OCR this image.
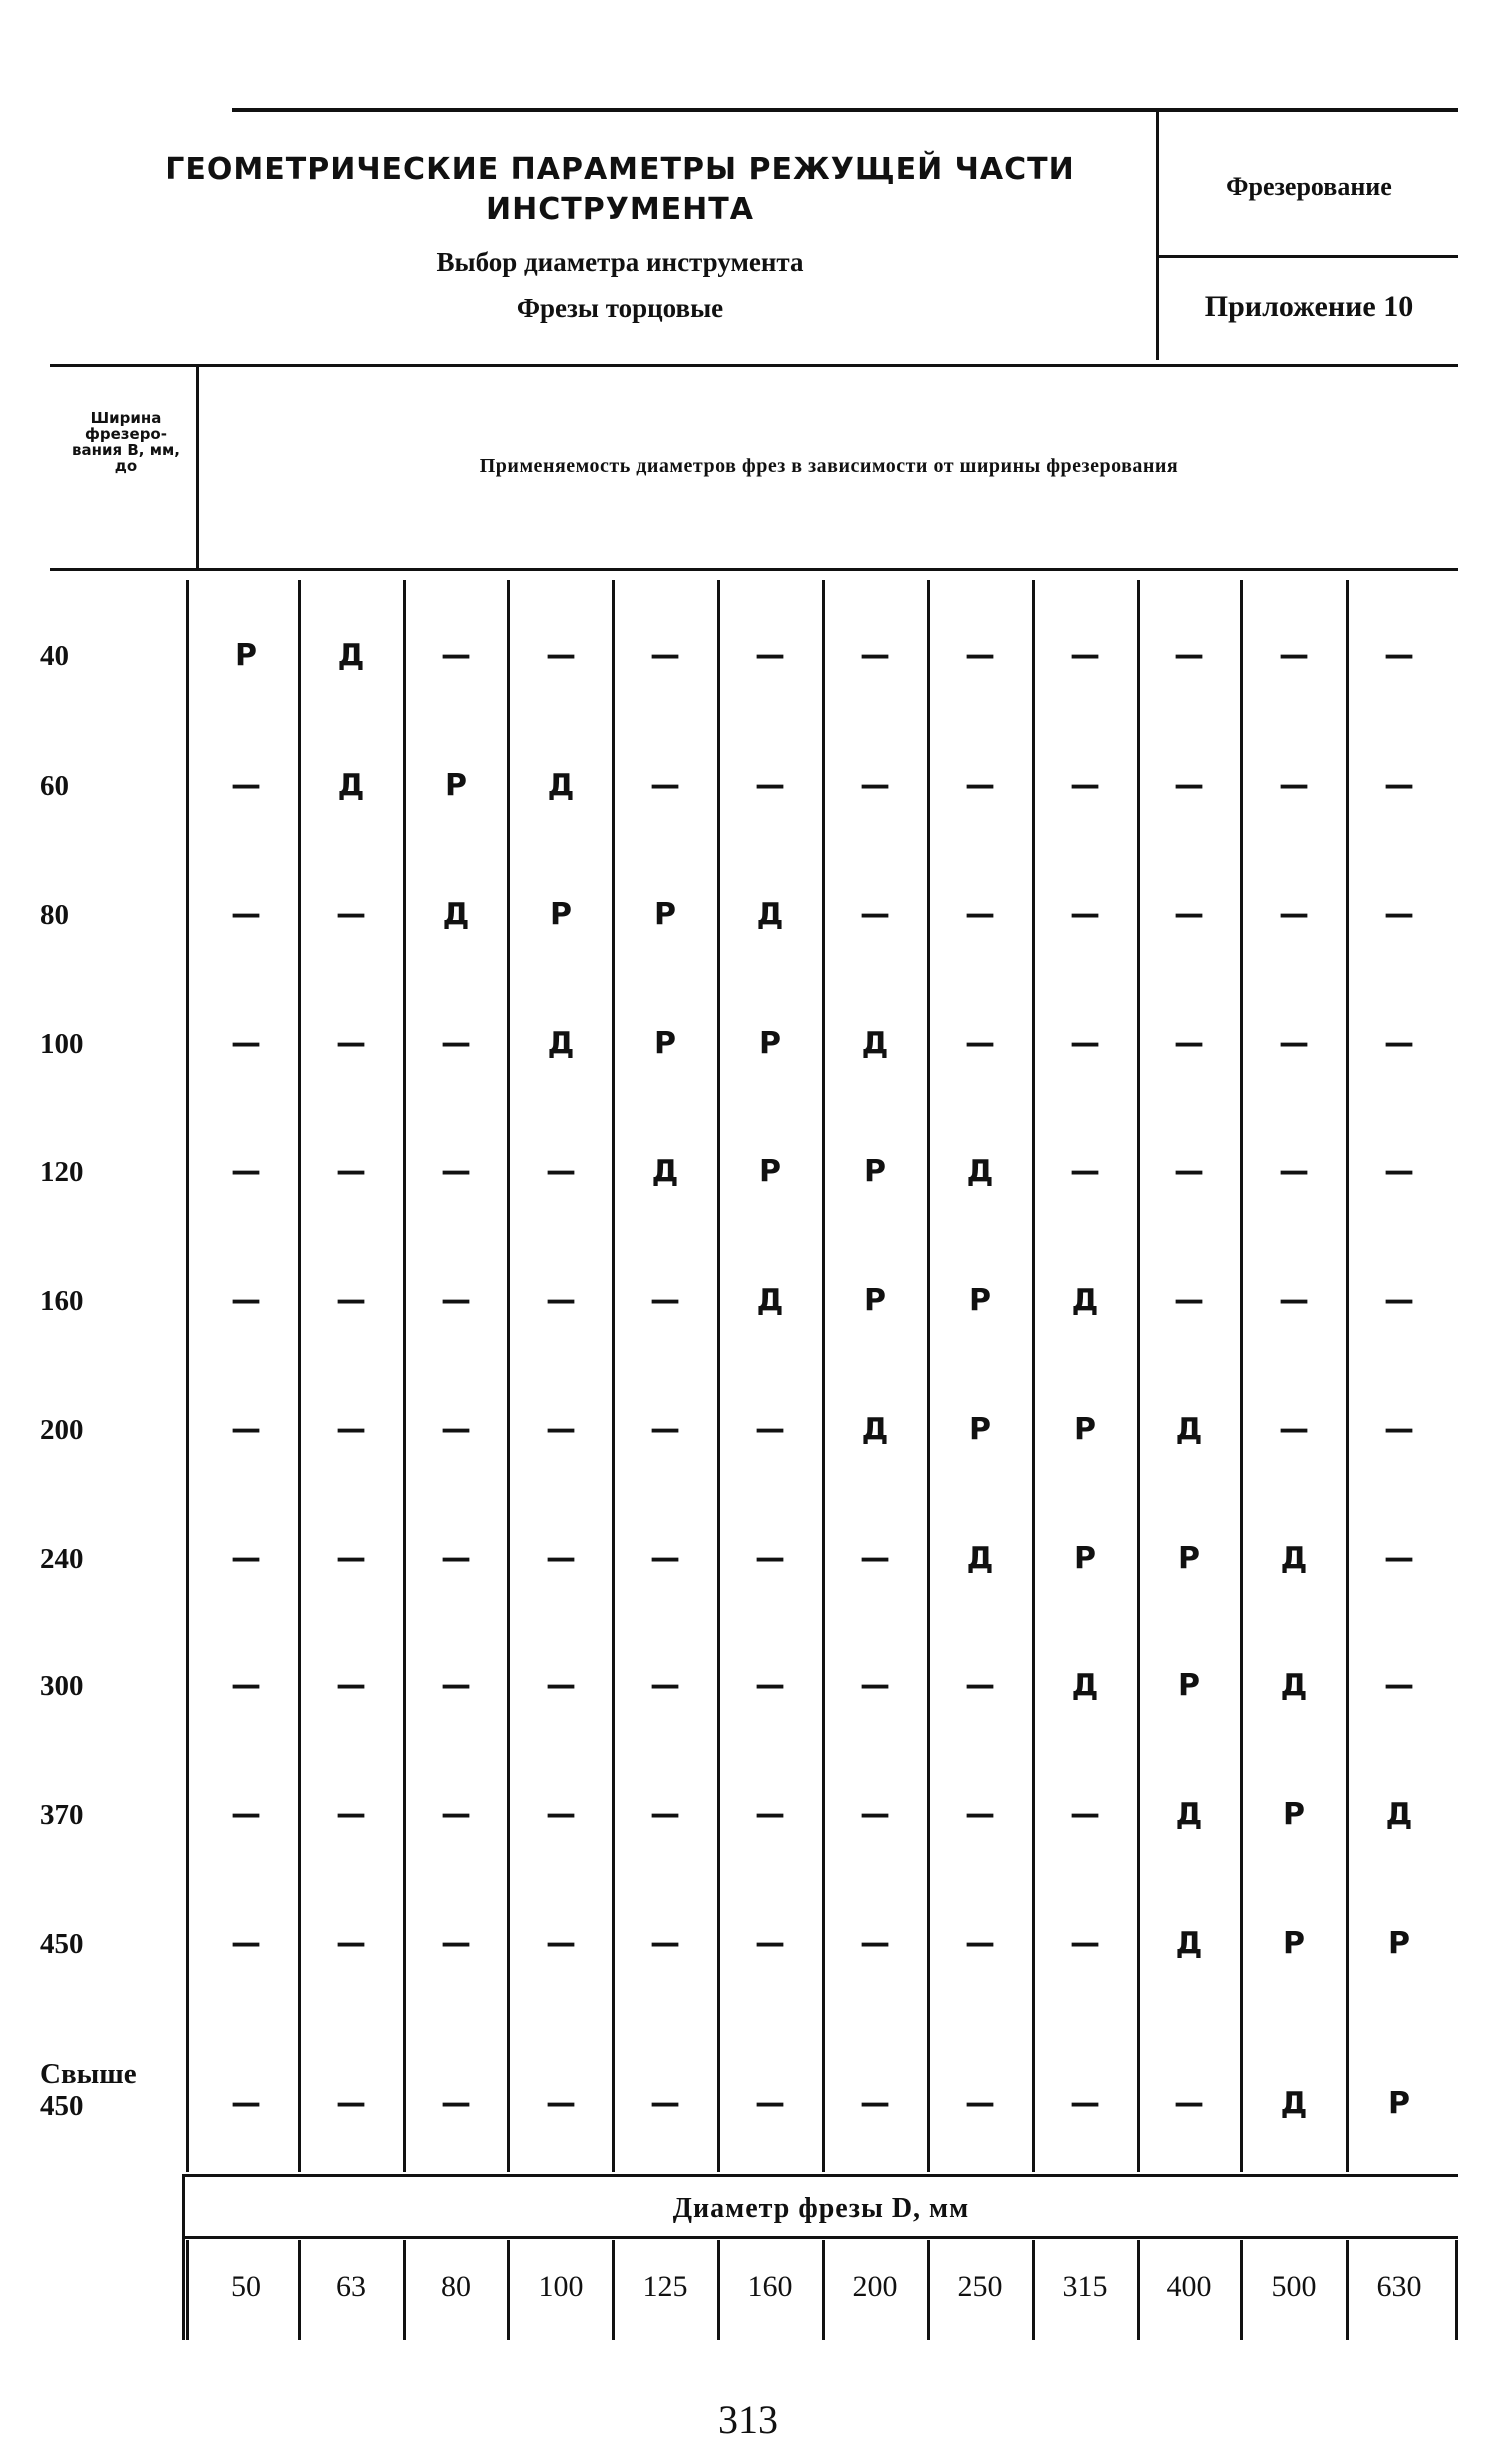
ГЕОМЕТРИЧЕСКИЕ ПАРАМЕТРЫ РЕЖУЩЕЙ ЧАСТИ ИНСТРУМЕНТА
Выбор диаметра инструмента
Фрезы торцовые
Фрезерование
Приложение 10
Ширина фрезеро-вания B, мм, до	Применяемость диаметров фрез в зависимости от ширины фрезерования
Диаметр фрезы D, мм
40	Р	Д	—	—	—	—	—	—	—	—	—	—
60	—	Д	Р	Д	—	—	—	—	—	—	—	—
80	—	—	Д	Р	Р	Д	—	—	—	—	—	—
100	—	—	—	Д	Р	Р	Д	—	—	—	—	—
120	—	—	—	—	Д	Р	Р	Д	—	—	—	—
160	—	—	—	—	—	Д	Р	Р	Д	—	—	—
200	—	—	—	—	—	—	Д	Р	Р	Д	—	—
240	—	—	—	—	—	—	—	Д	Р	Р	Д	—
300	—	—	—	—	—	—	—	—	Д	Р	Д	—
370	—	—	—	—	—	—	—	—	—	Д	Р	Д
450	—	—	—	—	—	—	—	—	—	Д	Р	Р
Свыше 450	—	—	—	—	—	—	—	—	—	—	Д	Р
50	63	80	100	125	160	200	250	315	400	500	630
313
